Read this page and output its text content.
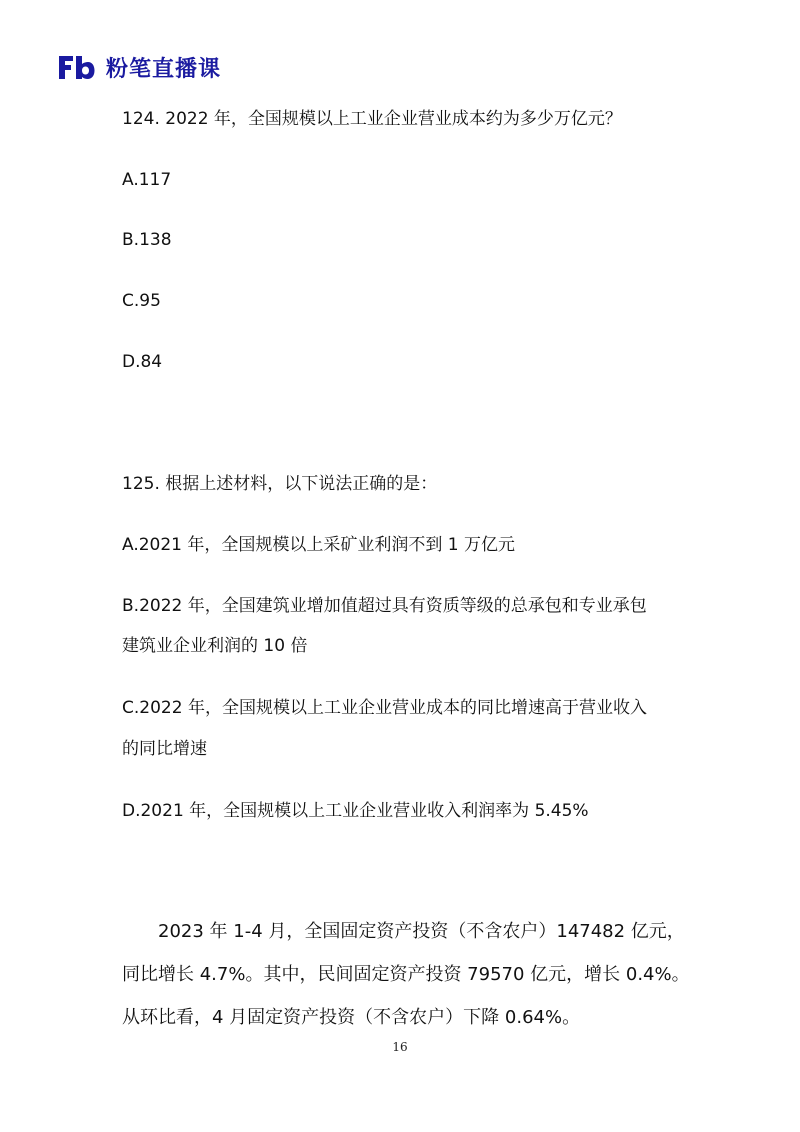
粉笔直播课
124. 2022 年，全国规模以上工业企业营业成本约为多少万亿元？
A.117
B.138
C.95
D.84
125. 根据上述材料，以下说法正确的是：
A.2021 年，全国规模以上采矿业利润不到 1 万亿元
B.2022 年，全国建筑业增加值超过具有资质等级的总承包和专业承包
建筑业企业利润的 10 倍
C.2022 年，全国规模以上工业企业营业成本的同比增速高于营业收入
的同比增速
D.2021 年，全国规模以上工业企业营业收入利润率为 5.45%
2023 年 1-4 月，全国固定资产投资（不含农户）147482 亿元，
同比增长 4.7%。其中，民间固定资产投资 79570 亿元，增长 0.4%。
从环比看，4 月固定资产投资（不含农户）下降 0.64%。
16
